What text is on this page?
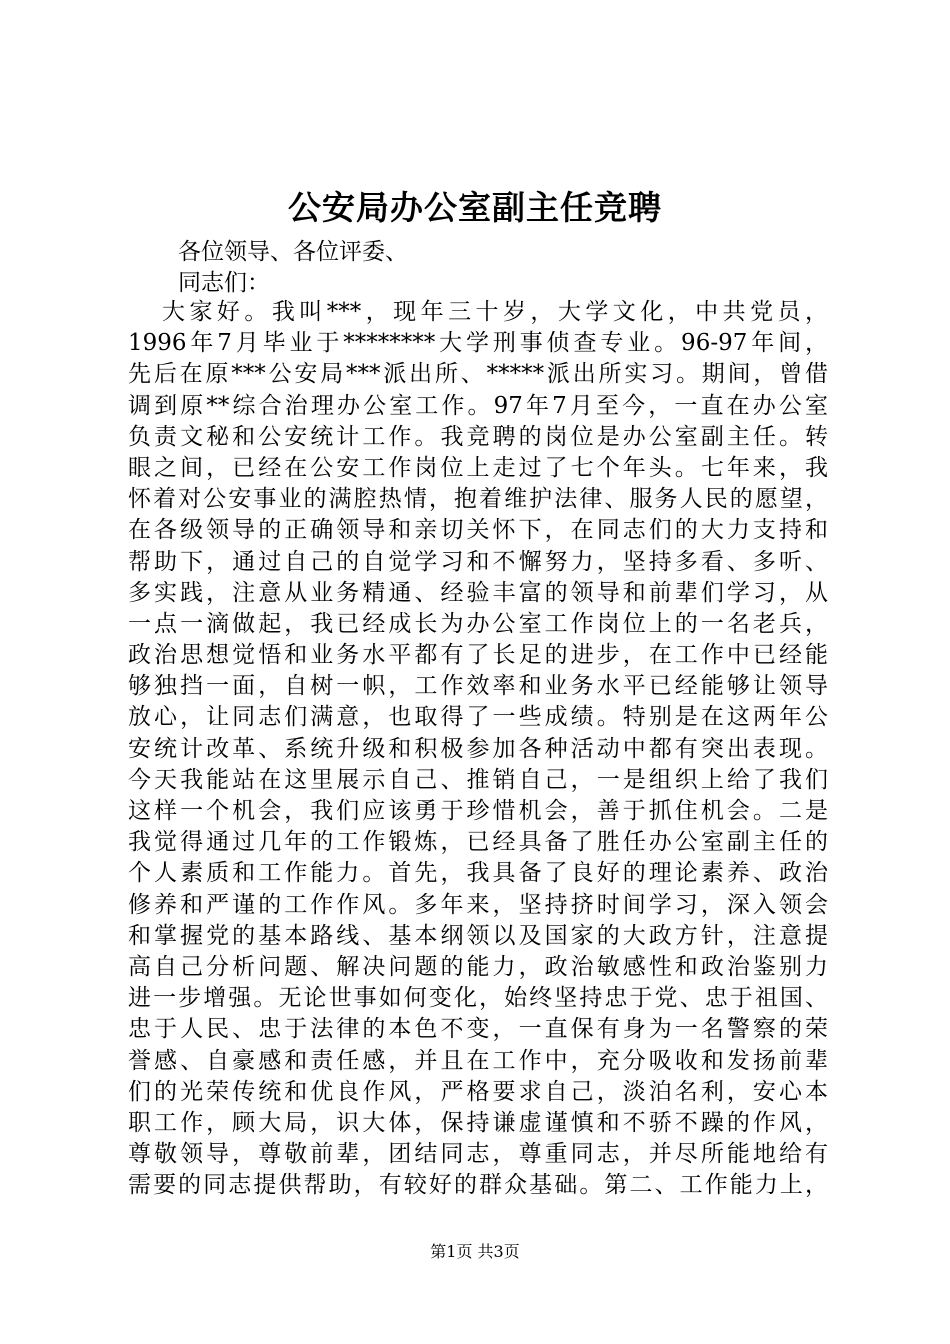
公安局办公室副主任竞聘
各位领导、各位评委、
同志们：
大家好。我叫***，现年三十岁，大学文化，中共党员，
1996年7月毕业于********大学刑事侦查专业。96-97年间，
先后在原***公安局***派出所、*****派出所实习。期间，曾借
调到原**综合治理办公室工作。97年7月至今，一直在办公室
负责文秘和公安统计工作。我竞聘的岗位是办公室副主任。转
眼之间，已经在公安工作岗位上走过了七个年头。七年来，我
怀着对公安事业的满腔热情，抱着维护法律、服务人民的愿望，
在各级领导的正确领导和亲切关怀下，在同志们的大力支持和
帮助下，通过自己的自觉学习和不懈努力，坚持多看、多听、
多实践，注意从业务精通、经验丰富的领导和前辈们学习，从
一点一滴做起，我已经成长为办公室工作岗位上的一名老兵，
政治思想觉悟和业务水平都有了长足的进步，在工作中已经能
够独挡一面，自树一帜，工作效率和业务水平已经能够让领导
放心，让同志们满意，也取得了一些成绩。特别是在这两年公
安统计改革、系统升级和积极参加各种活动中都有突出表现。
今天我能站在这里展示自己、推销自己，一是组织上给了我们
这样一个机会，我们应该勇于珍惜机会，善于抓住机会。二是
我觉得通过几年的工作锻炼，已经具备了胜任办公室副主任的
个人素质和工作能力。首先，我具备了良好的理论素养、政治
修养和严谨的工作作风。多年来，坚持挤时间学习，深入领会
和掌握党的基本路线、基本纲领以及国家的大政方针，注意提
高自己分析问题、解决问题的能力，政治敏感性和政治鉴别力
进一步增强。无论世事如何变化，始终坚持忠于党、忠于祖国、
忠于人民、忠于法律的本色不变，一直保有身为一名警察的荣
誉感、自豪感和责任感，并且在工作中，充分吸收和发扬前辈
们的光荣传统和优良作风，严格要求自己，淡泊名利，安心本
职工作，顾大局，识大体，保持谦虚谨慎和不骄不躁的作风，
尊敬领导，尊敬前辈，团结同志，尊重同志，并尽所能地给有
需要的同志提供帮助，有较好的群众基础。第二、工作能力上，
第1页 共3页
